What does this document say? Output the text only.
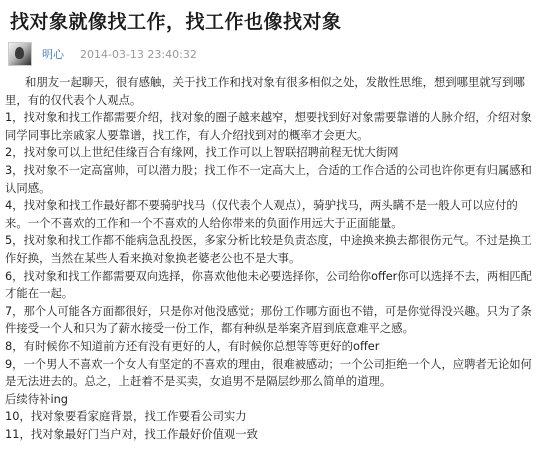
找对象就像找工作，找工作也像找对象
明心 2014-03-13 23:40:32

和朋友一起聊天，很有感触，关于找工作和找对象有很多相似之处，发散性思维，想到哪里就写到哪

里，有的仅代表个人观点。

1，找对象和找工作都需要介绍，找对象的圈子越来越窄，想要找到好对象需要靠谱的人脉介绍，介绍对象

同学同事比亲戚家人要靠谱，找工作，有人介绍找到对的概率才会更大。

2，找对象可以上世纪佳缘百合有缘网，找工作可以上智联招聘前程无忧大街网

3，找对象不一定高富帅，可以潜力股；找工作不一定高大上，合适的工作合适的公司也许你更有归属感和

认同感。

4，找对象和找工作最好都不要骑驴找马（仅代表个人观点），骑驴找马，两头瞒不是一般人可以应付的

来。一个不喜欢的工作和一个不喜欢的人给你带来的负面作用远大于正面能量。

5，找对象和找工作都不能病急乱投医，多家分析比较是负责态度，中途换来换去都很伤元气。不过是换工

作好换，当然在某些人看来换对象换老婆老公也不是大事。

6，找对象和找工作都需要双向选择，你喜欢他他未必要选择你，公司给你offer你可以选择不去，两相匹配

才能在一起。

7，那个人可能各方面都很好，只是你对他没感觉；那份工作哪方面也不错，可是你觉得没兴趣。只为了条

件接受一个人和只为了薪水接受一份工作，都有种纵是举案齐眉到底意难平之感。

8，有时候你不知道前方还有没有更好的人，有时候你总想等等更好的offer

9，一个男人不喜欢一个女人有坚定的不喜欢的理由，很难被感动；一个公司拒绝一个人，应聘者无论如何

是无法进去的。总之，上赶着不是买卖，女追男不是隔层纱那么简单的道理。

后续待补ing

10，找对象要看家庭背景，找工作要看公司实力

11，找对象最好门当户对，找工作最好价值观一致
